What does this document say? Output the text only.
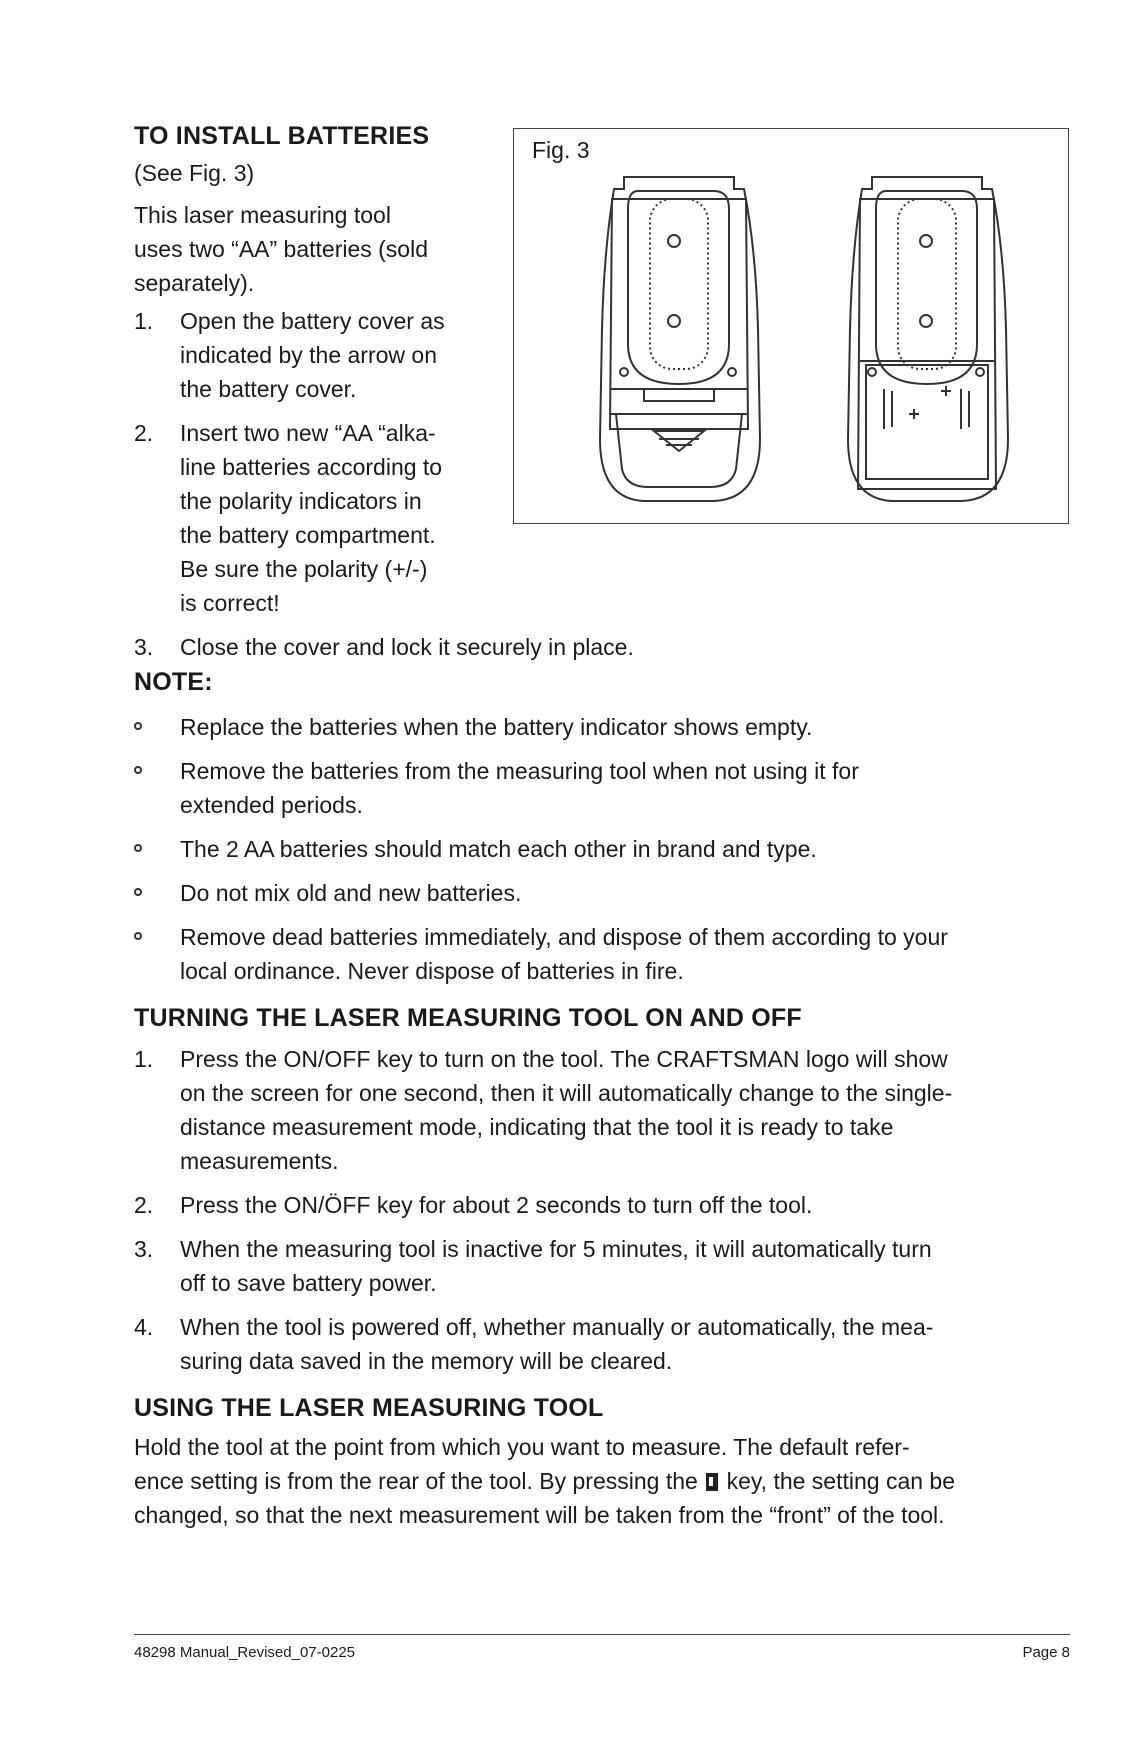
TO INSTALL BATTERIES
(See Fig. 3)
This laser measuring tool
uses two “AA” batteries (sold
separately).
1. Open the battery cover as
indicated by the arrow on
the battery cover.
2. Insert two new “AA “alka-
line batteries according to
the polarity indicators in
the battery compartment.
Be sure the polarity (+/-)
is correct!
3. Close the cover and lock it securely in place.
Fig. 3
NOTE:
Replace the batteries when the battery indicator shows empty.
Remove the batteries from the measuring tool when not using it for
extended periods.
The 2 AA batteries should match each other in brand and type.
Do not mix old and new batteries.
Remove dead batteries immediately, and dispose of them according to your
local ordinance. Never dispose of batteries in fire.
TURNING THE LASER MEASURING TOOL ON AND OFF
1. Press the ON/OFF key to turn on the tool. The CRAFTSMAN logo will show
on the screen for one second, then it will automatically change to the single-
distance measurement mode, indicating that the tool it is ready to take
measurements.
2. Press the ON/ÖFF key for about 2 seconds to turn off the tool.
3. When the measuring tool is inactive for 5 minutes, it will automatically turn
off to save battery power.
4. When the tool is powered off, whether manually or automatically, the mea-
suring data saved in the memory will be cleared.
USING THE LASER MEASURING TOOL
Hold the tool at the point from which you want to measure. The default refer-
ence setting is from the rear of the tool. By pressing the key, the setting can be
changed, so that the next measurement will be taken from the “front” of the tool.
48298 Manual_Revised_07-0225	Page 8
